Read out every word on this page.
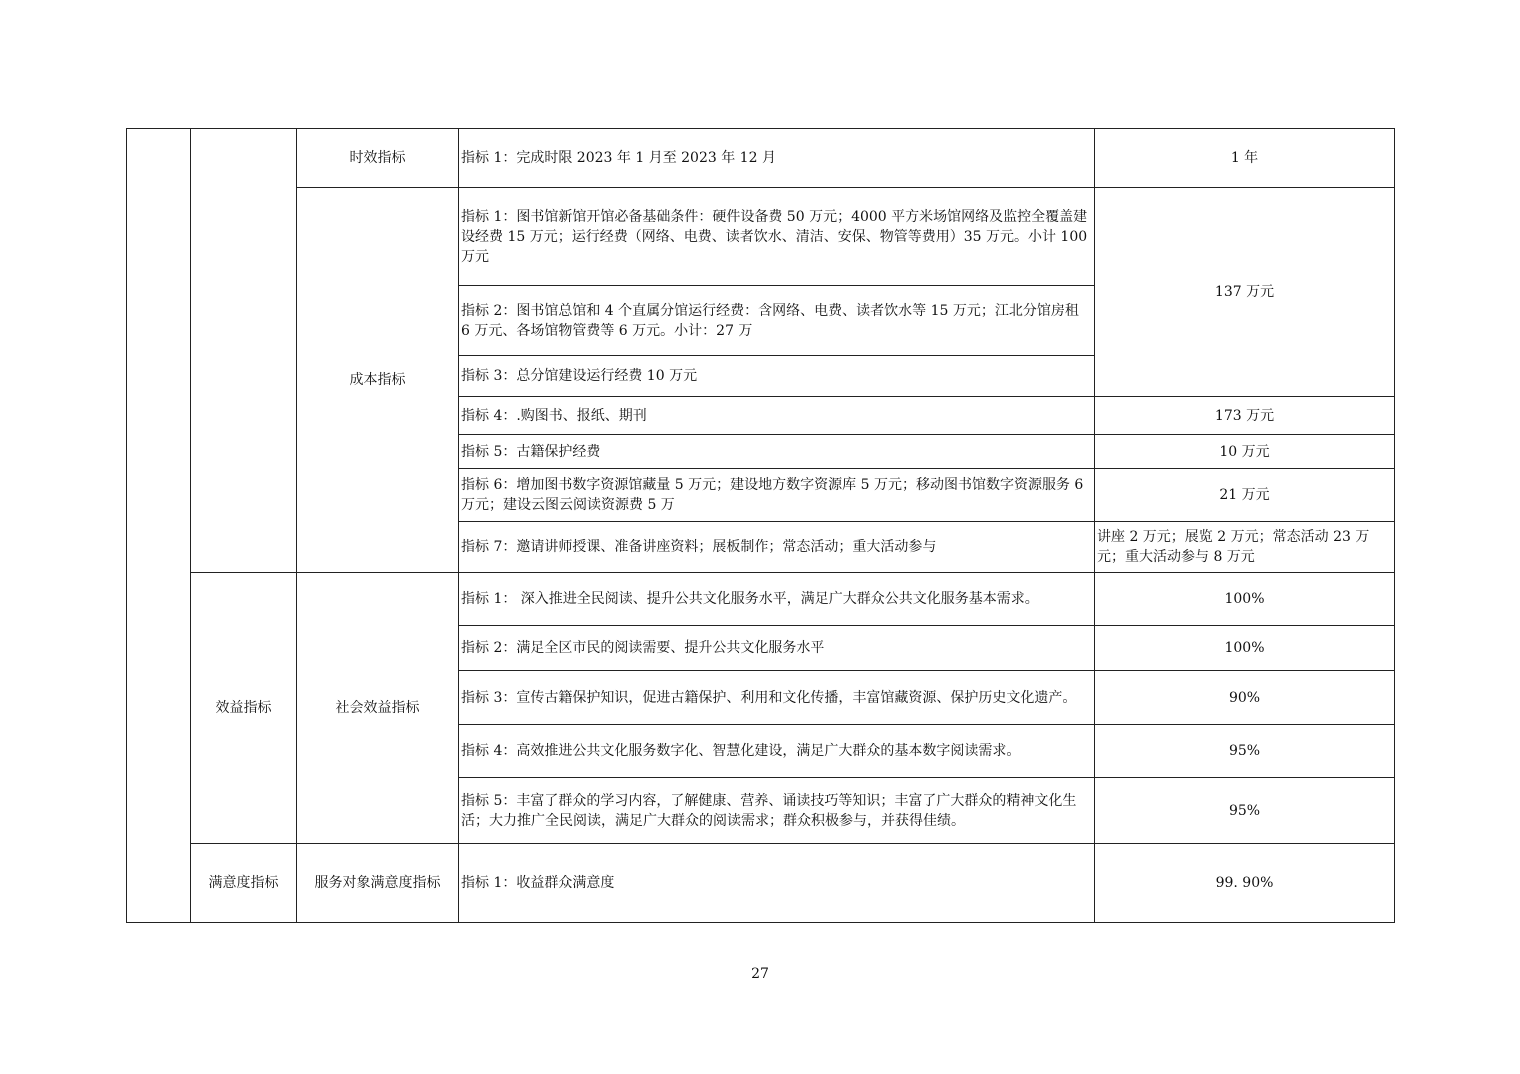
		时效指标	指标 1：完成时限 2023 年 1 月至 2023 年 12 月	1 年
		成本指标	指标 1：图书馆新馆开馆必备基础条件：硬件设备费 50 万元；4000 平方米场馆网络及监控全覆盖建设经费 15 万元；运行经费（网络、电费、读者饮水、清洁、安保、物管等费用）35 万元。小计 100 万元	137 万元
			指标 2：图书馆总馆和 4 个直属分馆运行经费：含网络、电费、读者饮水等 15 万元；江北分馆房租 6 万元、各场馆物管费等 6 万元。小计：27 万	
			指标 3：总分馆建设运行经费 10 万元	
			指标 4：.购图书、报纸、期刊	173 万元
			指标 5：古籍保护经费	10 万元
			指标 6：增加图书数字资源馆藏量 5 万元；建设地方数字资源库 5 万元；移动图书馆数字资源服务 6 万元；建设云图云阅读资源费 5 万	21 万元
			指标 7：邀请讲师授课、准备讲座资料；展板制作；常态活动；重大活动参与	讲座 2 万元；展览 2 万元；常态活动 23 万元；重大活动参与 8 万元
	效益指标	社会效益指标	指标 1： 深入推进全民阅读、提升公共文化服务水平，满足广大群众公共文化服务基本需求。	100%
			指标 2：满足全区市民的阅读需要、提升公共文化服务水平	100%
			指标 3：宣传古籍保护知识，促进古籍保护、利用和文化传播，丰富馆藏资源、保护历史文化遗产。	90%
			指标 4：高效推进公共文化服务数字化、智慧化建设，满足广大群众的基本数字阅读需求。	95%
			指标 5：丰富了群众的学习内容，了解健康、营养、诵读技巧等知识；丰富了广大群众的精神文化生活；大力推广全民阅读，满足广大群众的阅读需求；群众积极参与，并获得佳绩。	95%
	满意度指标	服务对象满意度指标	指标 1：收益群众满意度	99. 90%
27
